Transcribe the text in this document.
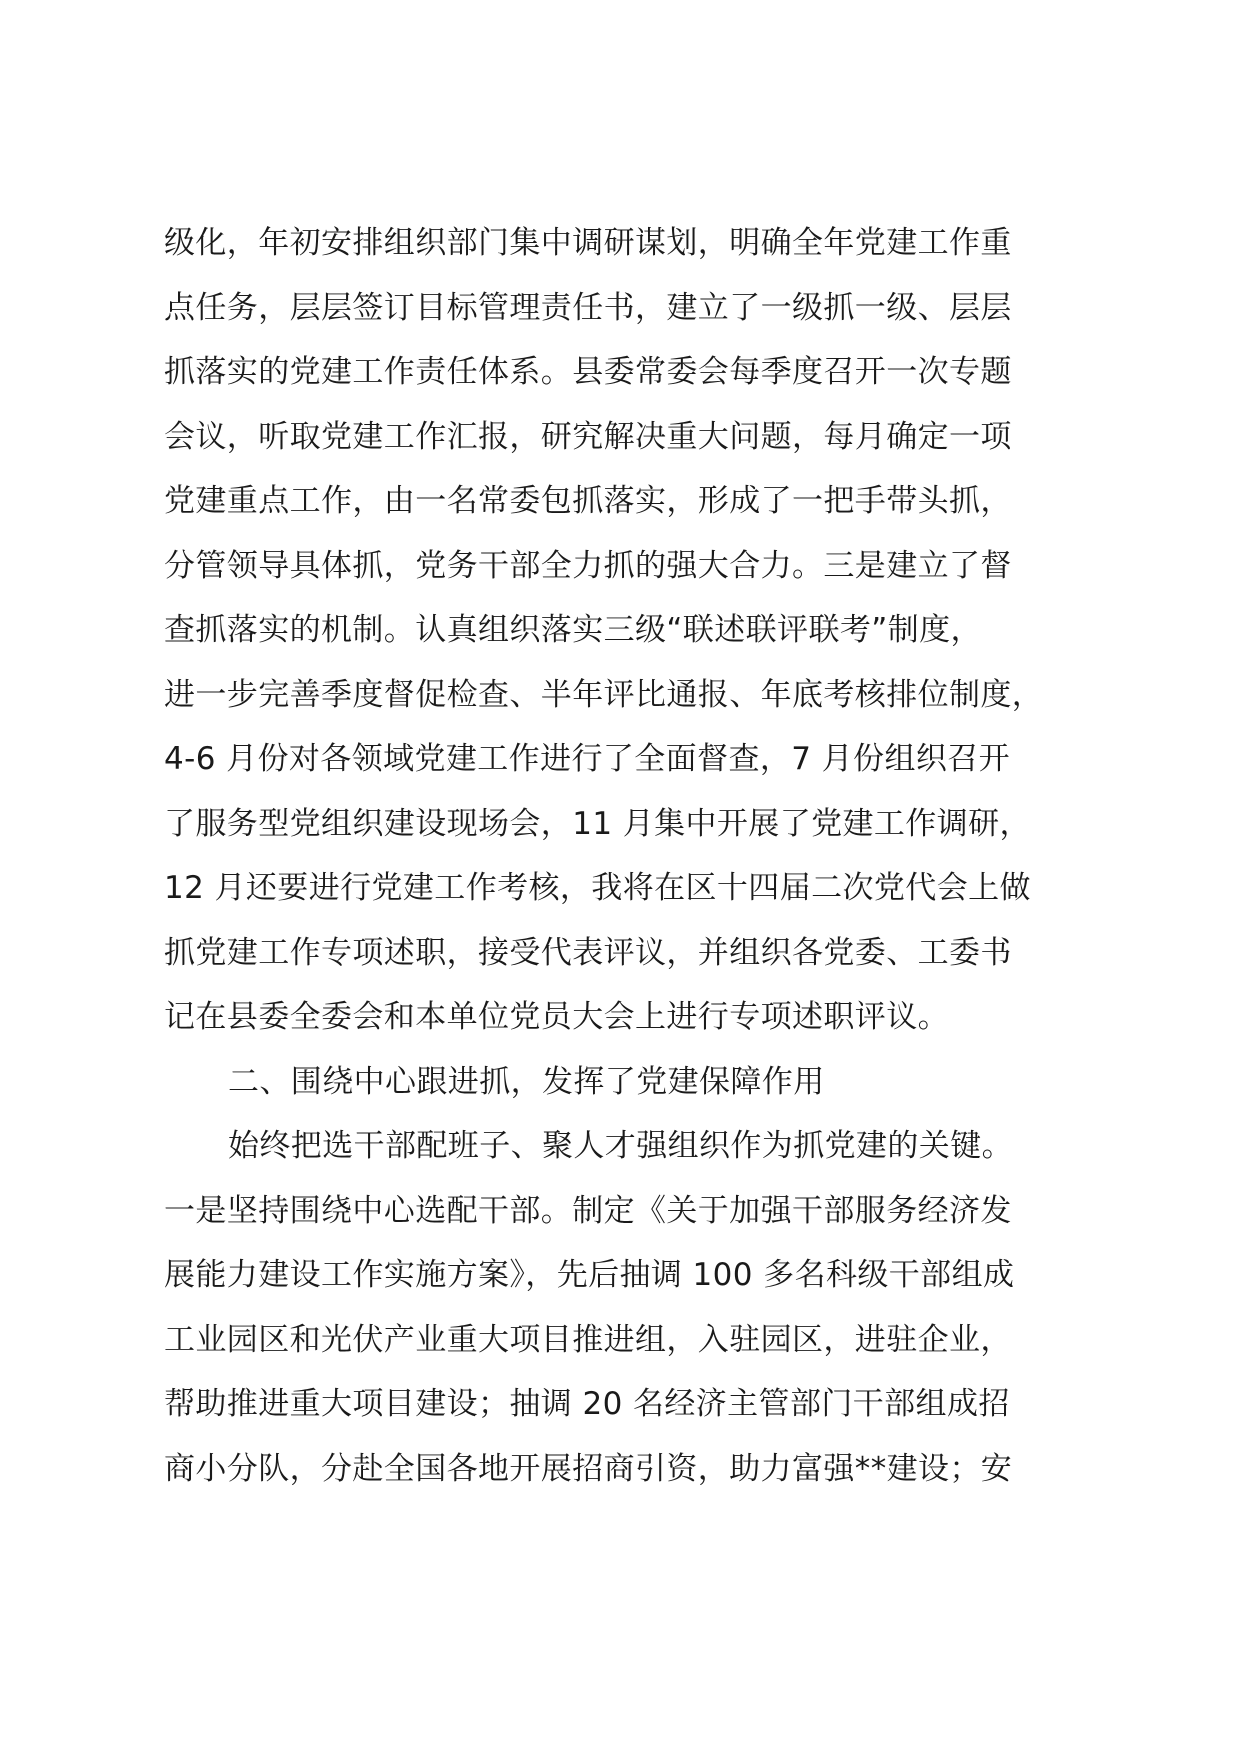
级化，年初安排组织部门集中调研谋划，明确全年党建工作重
点任务，层层签订目标管理责任书，建立了一级抓一级、层层
抓落实的党建工作责任体系。县委常委会每季度召开一次专题
会议，听取党建工作汇报，研究解决重大问题，每月确定一项
党建重点工作，由一名常委包抓落实，形成了一把手带头抓，
分管领导具体抓，党务干部全力抓的强大合力。三是建立了督
查抓落实的机制。认真组织落实三级“联述联评联考”制度，
进一步完善季度督促检查、半年评比通报、年底考核排位制度，
4-6 月份对各领域党建工作进行了全面督查，7 月份组织召开
了服务型党组织建设现场会，11 月集中开展了党建工作调研，
12 月还要进行党建工作考核，我将在区十四届二次党代会上做
抓党建工作专项述职，接受代表评议，并组织各党委、工委书
记在县委全委会和本单位党员大会上进行专项述职评议。
二、围绕中心跟进抓，发挥了党建保障作用
始终把选干部配班子、聚人才强组织作为抓党建的关键。
一是坚持围绕中心选配干部。制定《关于加强干部服务经济发
展能力建设工作实施方案》，先后抽调 100 多名科级干部组成
工业园区和光伏产业重大项目推进组，入驻园区，进驻企业，
帮助推进重大项目建设；抽调 20 名经济主管部门干部组成招
商小分队，分赴全国各地开展招商引资，助力富强**建设；安
